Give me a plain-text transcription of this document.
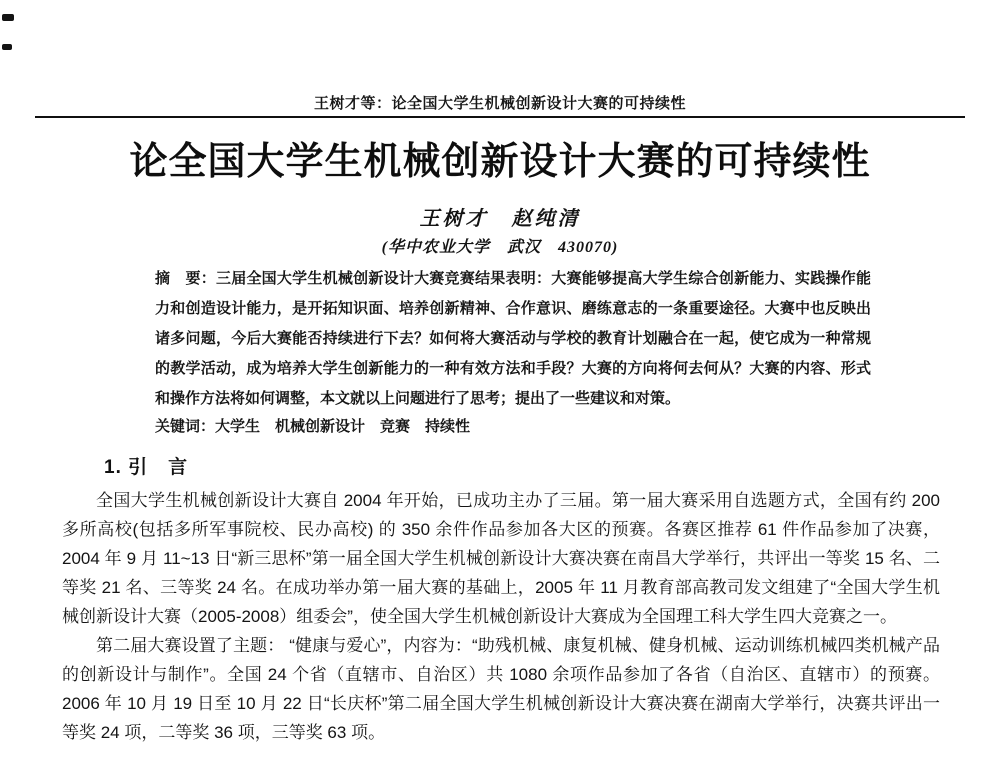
王树才等：论全国大学生机械创新设计大赛的可持续性
论全国大学生机械创新设计大赛的可持续性
王树才　赵纯清
(华中农业大学　武汉　430070)
摘　要：三届全国大学生机械创新设计大赛竞赛结果表明：大赛能够提高大学生综合创新能力、实践操作能力和创造设计能力，是开拓知识面、培养创新精神、合作意识、磨练意志的一条重要途径。大赛中也反映出诸多问题，今后大赛能否持续进行下去？如何将大赛活动与学校的教育计划融合在一起，使它成为一种常规的教学活动，成为培养大学生创新能力的一种有效方法和手段？大赛的方向将何去何从？大赛的内容、形式和操作方法将如何调整，本文就以上问题进行了思考；提出了一些建议和对策。
关键词：大学生　机械创新设计　竞赛　持续性
1. 引　言

全国大学生机械创新设计大赛自 2004 年开始，已成功主办了三届。第一届大赛采用自选题方式，全国有约 200 多所高校(包括多所军事院校、民办高校) 的 350 余件作品参加各大区的预赛。各赛区推荐 61 件作品参加了决赛，2004 年 9 月 11~13 日“新三思杯”第一届全国大学生机械创新设计大赛决赛在南昌大学举行，共评出一等奖 15 名、二等奖 21 名、三等奖 24 名。在成功举办第一届大赛的基础上，2005 年 11 月教育部高教司发文组建了“全国大学生机械创新设计大赛（2005-2008）组委会”，使全国大学生机械创新设计大赛成为全国理工科大学生四大竞赛之一。

第二届大赛设置了主题： “健康与爱心”，内容为：“助残机械、康复机械、健身机械、运动训练机械四类机械产品的创新设计与制作”。全国 24 个省（直辖市、自治区）共 1080 余项作品参加了各省（自治区、直辖市）的预赛。2006 年 10 月 19 日至 10 月 22 日“长庆杯”第二届全国大学生机械创新设计大赛决赛在湖南大学举行，决赛共评出一等奖 24 项，二等奖 36 项，三等奖 63 项。
